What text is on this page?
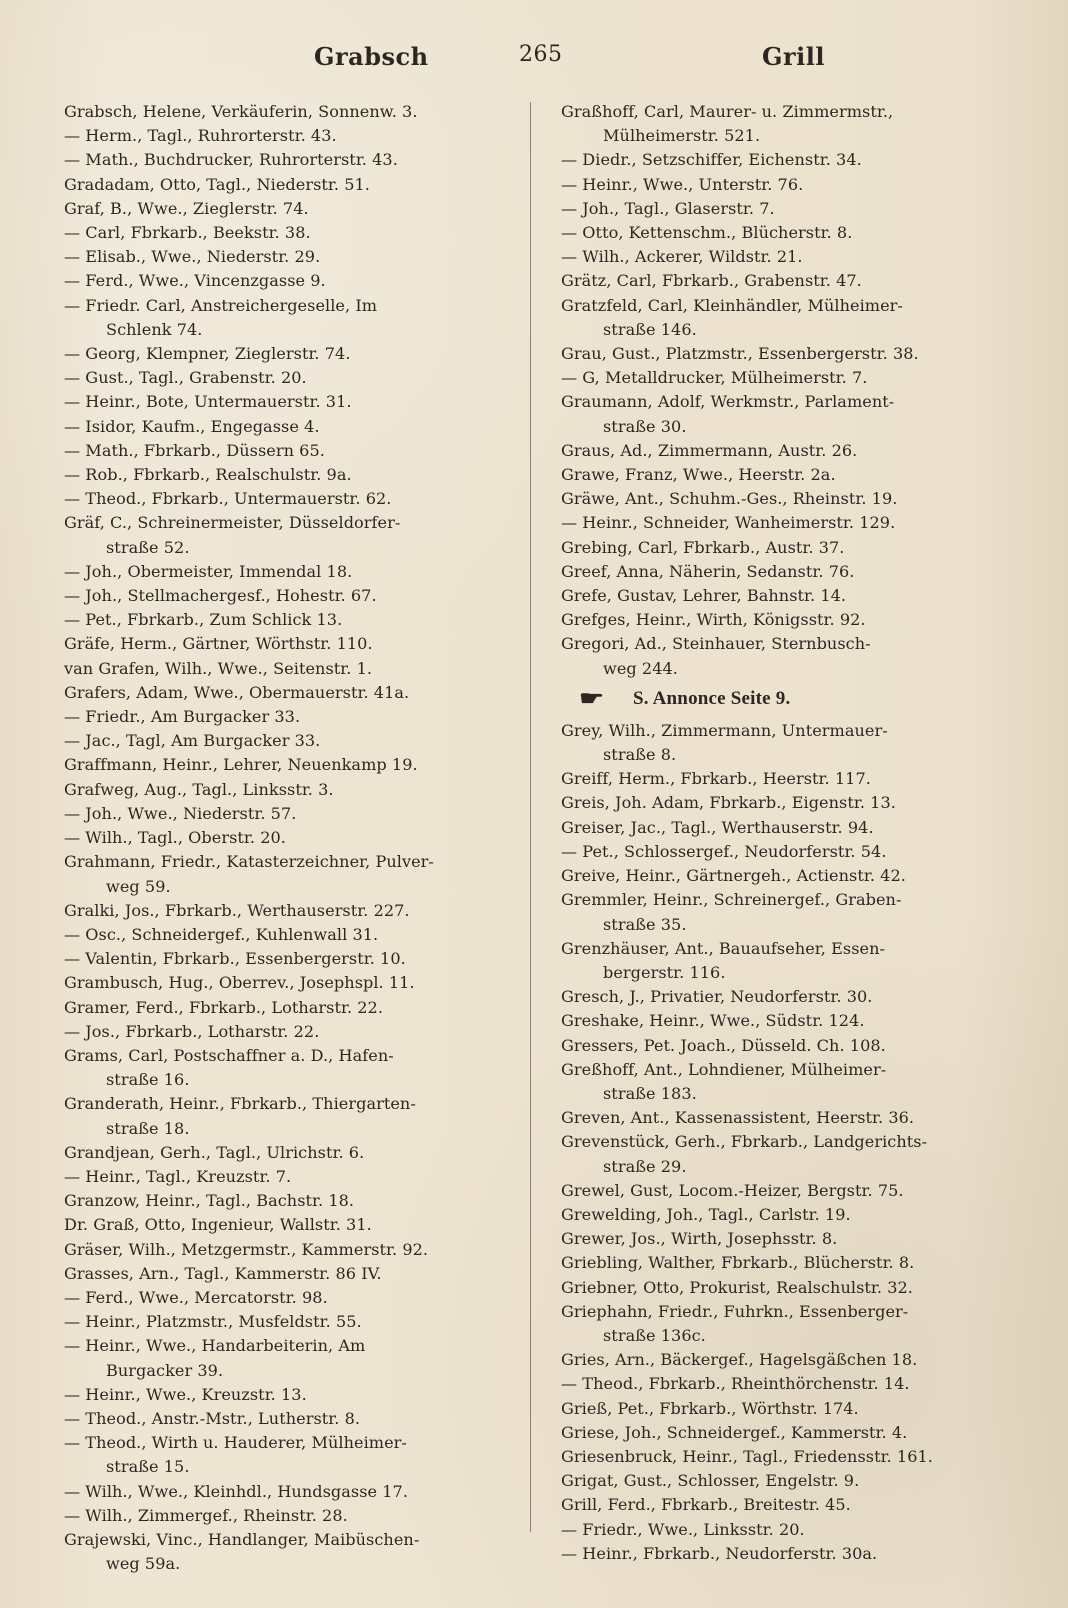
Grabsch	265	Grill
Grabsch, Helene, Verkäuferin, Sonnenw. 3.
— Herm., Tagl., Ruhrorterstr. 43.
— Math., Buchdrucker, Ruhrorterstr. 43.
Gradadam, Otto, Tagl., Niederstr. 51.
Graf, B., Wwe., Zieglerstr. 74.
— Carl, Fbrkarb., Beekstr. 38.
— Elisab., Wwe., Niederstr. 29.
— Ferd., Wwe., Vincenzgasse 9.
— Friedr. Carl, Anstreichergeselle, Im
Schlenk 74.
— Georg, Klempner, Zieglerstr. 74.
— Gust., Tagl., Grabenstr. 20.
— Heinr., Bote, Untermauerstr. 31.
— Isidor, Kaufm., Engegasse 4.
— Math., Fbrkarb., Düssern 65.
— Rob., Fbrkarb., Realschulstr. 9a.
— Theod., Fbrkarb., Untermauerstr. 62.
Gräf, C., Schreinermeister, Düsseldorfer-
straße 52.
— Joh., Obermeister, Immendal 18.
— Joh., Stellmachergesf., Hohestr. 67.
— Pet., Fbrkarb., Zum Schlick 13.
Gräfe, Herm., Gärtner, Wörthstr. 110.
van Grafen, Wilh., Wwe., Seitenstr. 1.
Grafers, Adam, Wwe., Obermauerstr. 41a.
— Friedr., Am Burgacker 33.
— Jac., Tagl, Am Burgacker 33.
Graffmann, Heinr., Lehrer, Neuenkamp 19.
Grafweg, Aug., Tagl., Linksstr. 3.
— Joh., Wwe., Niederstr. 57.
— Wilh., Tagl., Oberstr. 20.
Grahmann, Friedr., Katasterzeichner, Pulver-
weg 59.
Gralki, Jos., Fbrkarb., Werthauserstr. 227.
— Osc., Schneidergef., Kuhlenwall 31.
— Valentin, Fbrkarb., Essenbergerstr. 10.
Grambusch, Hug., Oberrev., Josephspl. 11.
Gramer, Ferd., Fbrkarb., Lotharstr. 22.
— Jos., Fbrkarb., Lotharstr. 22.
Grams, Carl, Postschaffner a. D., Hafen-
straße 16.
Granderath, Heinr., Fbrkarb., Thiergarten-
straße 18.
Grandjean, Gerh., Tagl., Ulrichstr. 6.
— Heinr., Tagl., Kreuzstr. 7.
Granzow, Heinr., Tagl., Bachstr. 18.
Dr. Graß, Otto, Ingenieur, Wallstr. 31.
Gräser, Wilh., Metzgermstr., Kammerstr. 92.
Grasses, Arn., Tagl., Kammerstr. 86 IV.
— Ferd., Wwe., Mercatorstr. 98.
— Heinr., Platzmstr., Musfeldstr. 55.
— Heinr., Wwe., Handarbeiterin, Am
Burgacker 39.
— Heinr., Wwe., Kreuzstr. 13.
— Theod., Anstr.-Mstr., Lutherstr. 8.
— Theod., Wirth u. Hauderer, Mülheimer-
straße 15.
— Wilh., Wwe., Kleinhdl., Hundsgasse 17.
— Wilh., Zimmergef., Rheinstr. 28.
Grajewski, Vinc., Handlanger, Maibüschen-
weg 59a.
Graßhoff, Carl, Maurer- u. Zimmermstr.,
Mülheimerstr. 521.
— Diedr., Setzschiffer, Eichenstr. 34.
— Heinr., Wwe., Unterstr. 76.
— Joh., Tagl., Glaserstr. 7.
— Otto, Kettenschm., Blücherstr. 8.
— Wilh., Ackerer, Wildstr. 21.
Grätz, Carl, Fbrkarb., Grabenstr. 47.
Gratzfeld, Carl, Kleinhändler, Mülheimer-
straße 146.
Grau, Gust., Platzmstr., Essenbergerstr. 38.
— G, Metalldrucker, Mülheimerstr. 7.
Graumann, Adolf, Werkmstr., Parlament-
straße 30.
Graus, Ad., Zimmermann, Austr. 26.
Grawe, Franz, Wwe., Heerstr. 2a.
Gräwe, Ant., Schuhm.-Ges., Rheinstr. 19.
— Heinr., Schneider, Wanheimerstr. 129.
Grebing, Carl, Fbrkarb., Austr. 37.
Greef, Anna, Näherin, Sedanstr. 76.
Grefe, Gustav, Lehrer, Bahnstr. 14.
Grefges, Heinr., Wirth, Königsstr. 92.
Gregori, Ad., Steinhauer, Sternbusch-
weg 244.
☛ S. Annonce Seite 9.
Grey, Wilh., Zimmermann, Untermauer-
straße 8.
Greiff, Herm., Fbrkarb., Heerstr. 117.
Greis, Joh. Adam, Fbrkarb., Eigenstr. 13.
Greiser, Jac., Tagl., Werthauserstr. 94.
— Pet., Schlossergef., Neudorferstr. 54.
Greive, Heinr., Gärtnergeh., Actienstr. 42.
Gremmler, Heinr., Schreinergef., Graben-
straße 35.
Grenzhäuser, Ant., Bauaufseher, Essen-
bergerstr. 116.
Gresch, J., Privatier, Neudorferstr. 30.
Greshake, Heinr., Wwe., Südstr. 124.
Gressers, Pet. Joach., Düsseld. Ch. 108.
Greßhoff, Ant., Lohndiener, Mülheimer-
straße 183.
Greven, Ant., Kassenassistent, Heerstr. 36.
Grevenstück, Gerh., Fbrkarb., Landgerichts-
straße 29.
Grewel, Gust, Locom.-Heizer, Bergstr. 75.
Grewelding, Joh., Tagl., Carlstr. 19.
Grewer, Jos., Wirth, Josephsstr. 8.
Griebling, Walther, Fbrkarb., Blücherstr. 8.
Griebner, Otto, Prokurist, Realschulstr. 32.
Griephahn, Friedr., Fuhrkn., Essenberger-
straße 136c.
Gries, Arn., Bäckergef., Hagelsgäßchen 18.
— Theod., Fbrkarb., Rheinthörchenstr. 14.
Grieß, Pet., Fbrkarb., Wörthstr. 174.
Griese, Joh., Schneidergef., Kammerstr. 4.
Griesenbruck, Heinr., Tagl., Friedensstr. 161.
Grigat, Gust., Schlosser, Engelstr. 9.
Grill, Ferd., Fbrkarb., Breitestr. 45.
— Friedr., Wwe., Linksstr. 20.
— Heinr., Fbrkarb., Neudorferstr. 30a.
